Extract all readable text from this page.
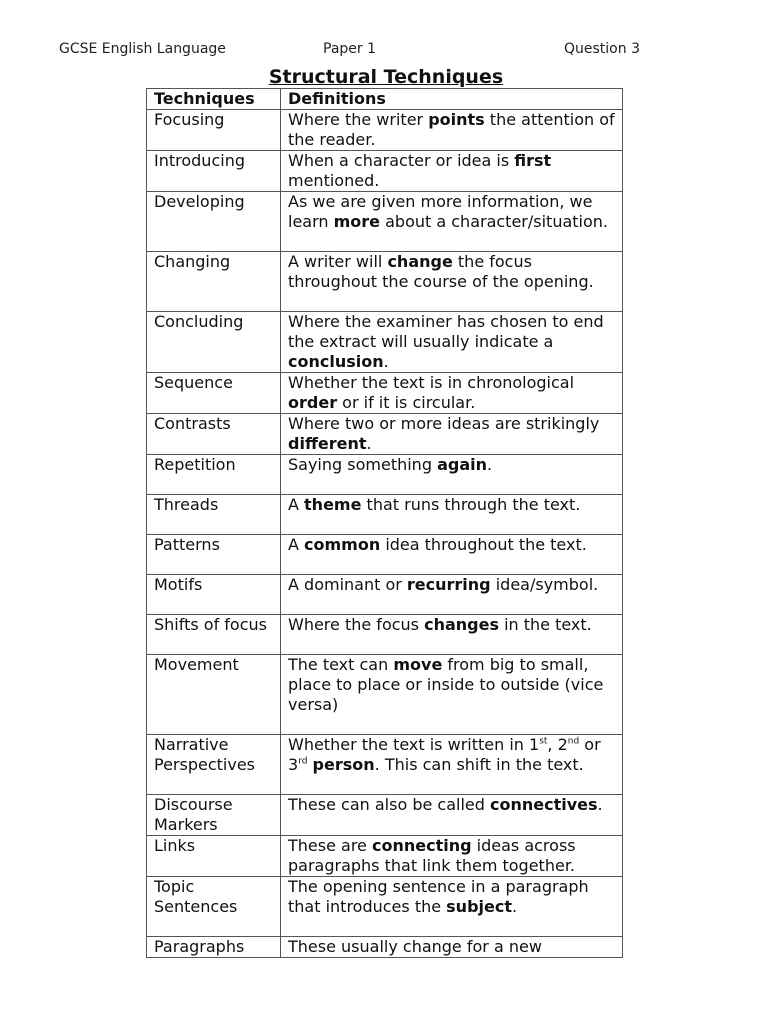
GCSE English Language	Paper 1	Question 3
Structural Techniques
Techniques	Definitions
Focusing	Where the writer points the attention of the reader.
Introducing	When a character or idea is first mentioned.
Developing	As we are given more information, we learn more about a character/situation.
Changing	A writer will change the focus throughout the course of the opening.
Concluding	Where the examiner has chosen to end the extract will usually indicate a conclusion.
Sequence	Whether the text is in chronological order or if it is circular.
Contrasts	Where two or more ideas are strikingly different.
Repetition	Saying something again.
Threads	A theme that runs through the text.
Patterns	A common idea throughout the text.
Motifs	A dominant or recurring idea/symbol.
Shifts of focus	Where the focus changes in the text.
Movement	The text can move from big to small, place to place or inside to outside (vice versa)
Narrative Perspectives	Whether the text is written in 1st, 2nd or 3rd person. This can shift in the text.
Discourse Markers	These can also be called connectives.
Links	These are connecting ideas across paragraphs that link them together.
Topic Sentences	The opening sentence in a paragraph that introduces the subject.
Paragraphs	These usually change for a new
